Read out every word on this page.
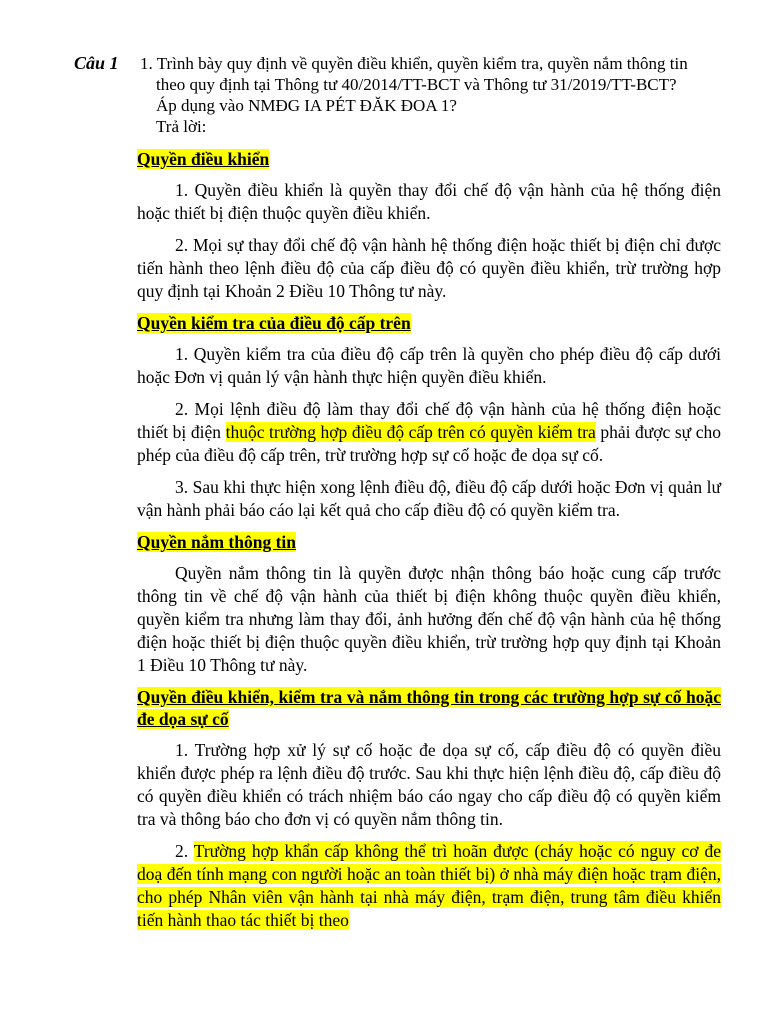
Câu 1 1. Trình bày quy định về quyền điều khiển, quyền kiểm tra, quyền nắm thông tin
theo quy định tại Thông tư 40/2014/TT-BCT và Thông tư 31/2019/TT-BCT?
Áp dụng vào NMĐG IA PÉT ĐĂK ĐOA 1?
Trả lời:
Quyền điều khiển

1. Quyền điều khiển là quyền thay đổi chế độ vận hành của hệ thống điện hoặc thiết bị điện thuộc quyền điều khiển.

2. Mọi sự thay đổi chế độ vận hành hệ thống điện hoặc thiết bị điện chỉ được tiến hành theo lệnh điều độ của cấp điều độ có quyền điều khiển, trừ trường hợp quy định tại Khoản 2 Điều 10 Thông tư này.

Quyền kiểm tra của điều độ cấp trên

1. Quyền kiểm tra của điều độ cấp trên là quyền cho phép điều độ cấp dưới hoặc Đơn vị quản lý vận hành thực hiện quyền điều khiển.

2. Mọi lệnh điều độ làm thay đổi chế độ vận hành của hệ thống điện hoặc thiết bị điện thuộc trường hợp điều độ cấp trên có quyền kiểm tra phải được sự cho phép của điều độ cấp trên, trừ trường hợp sự cố hoặc đe dọa sự cố.

3. Sau khi thực hiện xong lệnh điều độ, điều độ cấp dưới hoặc Đơn vị quản lư vận hành phải báo cáo lại kết quả cho cấp điều độ có quyền kiểm tra.

Quyền nắm thông tin

Quyền nắm thông tin là quyền được nhận thông báo hoặc cung cấp trước thông tin về chế độ vận hành của thiết bị điện không thuộc quyền điều khiển, quyền kiểm tra nhưng làm thay đổi, ảnh hưởng đến chế độ vận hành của hệ thống điện hoặc thiết bị điện thuộc quyền điều khiển, trừ trường hợp quy định tại Khoản 1 Điều 10 Thông tư này.

Quyền điều khiển, kiểm tra và nắm thông tin trong các trường hợp sự cố hoặc đe dọa sự cố

1. Trường hợp xử lý sự cố hoặc đe dọa sự cố, cấp điều độ có quyền điều khiển được phép ra lệnh điều độ trước. Sau khi thực hiện lệnh điều độ, cấp điều độ có quyền điều khiển có trách nhiệm báo cáo ngay cho cấp điều độ có quyền kiểm tra và thông báo cho đơn vị có quyền nắm thông tin.

2. Trường hợp khẩn cấp không thể trì hoãn được (cháy hoặc có nguy cơ đe doạ đến tính mạng con người hoặc an toàn thiết bị) ở nhà máy điện hoặc trạm điện, cho phép Nhân viên vận hành tại nhà máy điện, trạm điện, trung tâm điều khiển tiến hành thao tác thiết bị theo
